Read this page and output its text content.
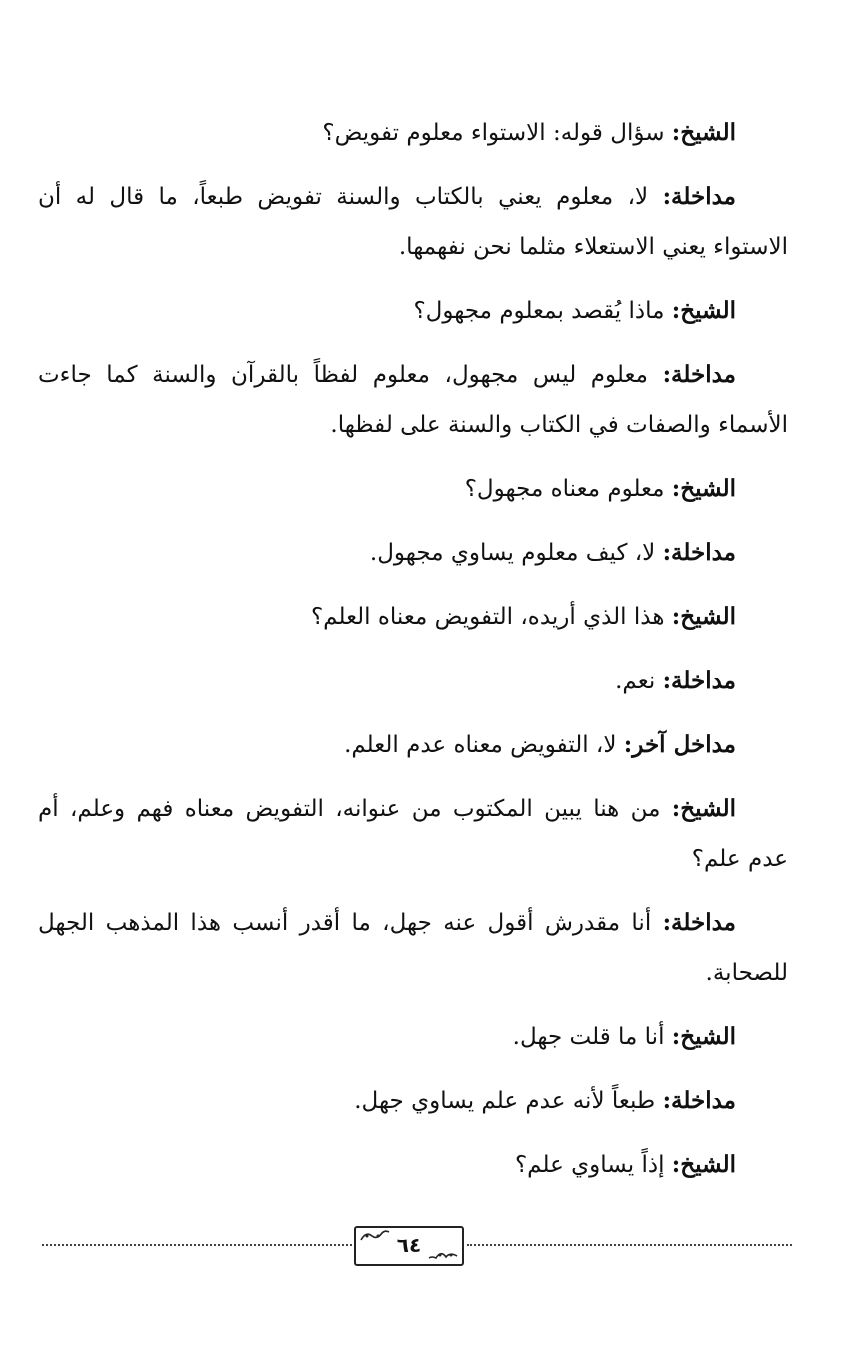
الشيخ: سؤال قوله: الاستواء معلوم تفويض؟

مداخلة: لا، معلوم يعني بالكتاب والسنة تفويض طبعاً، ما قال له أن الاستواء يعني الاستعلاء مثلما نحن نفهمها.

الشيخ: ماذا يُقصد بمعلوم مجهول؟

مداخلة: معلوم ليس مجهول، معلوم لفظاً بالقرآن والسنة كما جاءت الأسماء والصفات في الكتاب والسنة على لفظها.

الشيخ: معلوم معناه مجهول؟

مداخلة: لا، كيف معلوم يساوي مجهول.

الشيخ: هذا الذي أريده، التفويض معناه العلم؟

مداخلة: نعم.

مداخل آخر: لا، التفويض معناه عدم العلم.

الشيخ: من هنا يبين المكتوب من عنوانه، التفويض معناه فهم وعلم، أم عدم علم؟

مداخلة: أنا مقدرش أقول عنه جهل، ما أقدر أنسب هذا المذهب الجهل للصحابة.

الشيخ: أنا ما قلت جهل.

مداخلة: طبعاً لأنه عدم علم يساوي جهل.

الشيخ: إذاً يساوي علم؟

٦٤
